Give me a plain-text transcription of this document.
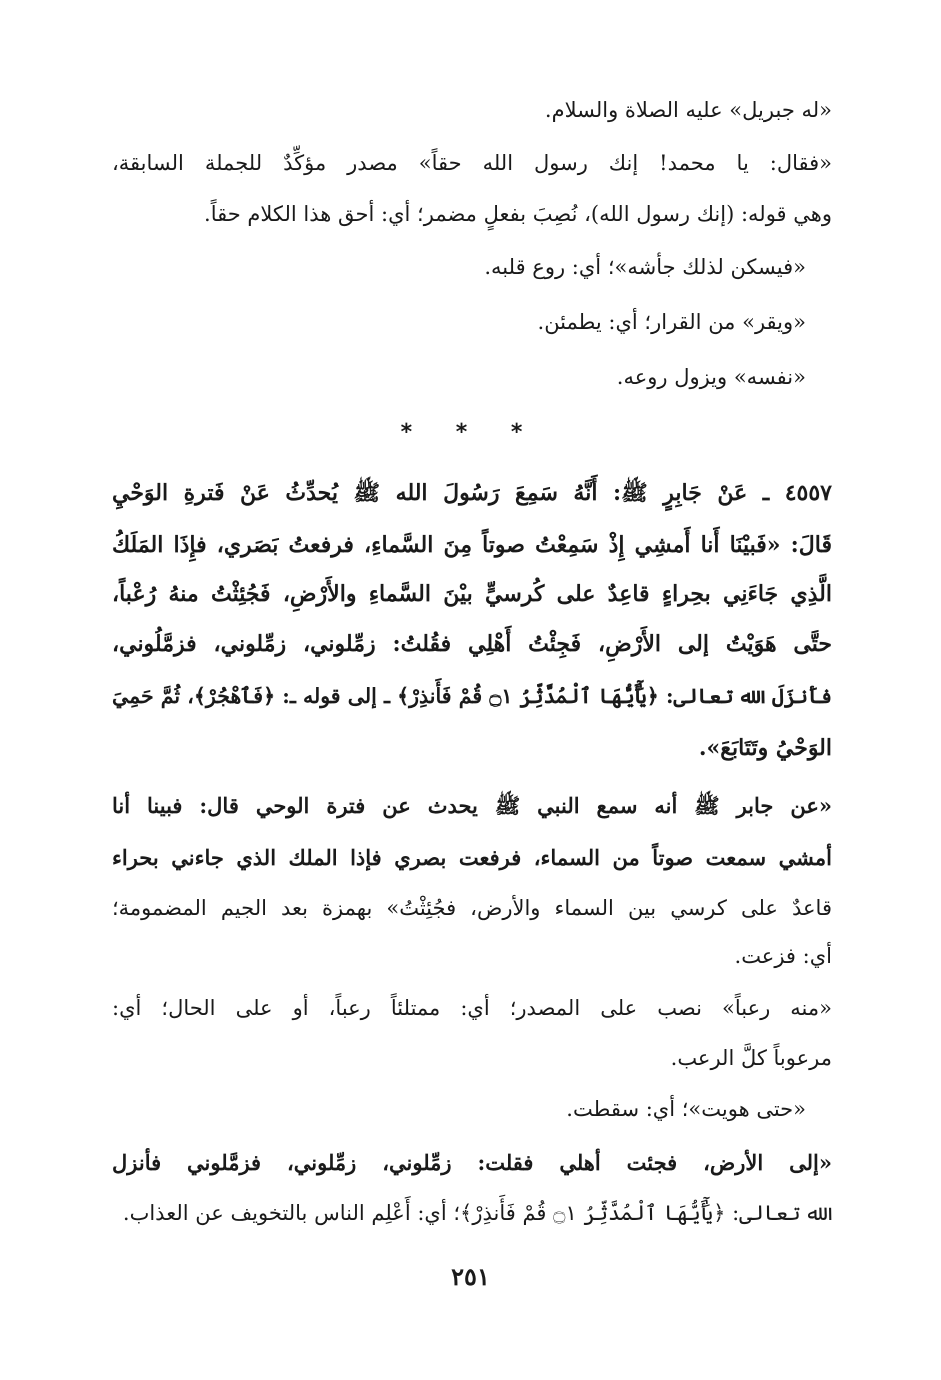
«له جبريل» عليه الصلاة والسلام.
«فقال: يا محمد! إنك رسول الله حقاً» مصدر مؤكِّدٌ للجملة السابقة،
وهي قوله: (إنك رسول الله)، نُصِبَ بفعلٍ مضمر؛ أي: أحق هذا الكلام حقاً.
«فيسكن لذلك جأشه»؛ أي: روع قلبه.
«ويقر» من القرار؛ أي: يطمئن.
«نفسه» ويزول روعه.
* * *
٤٥٥٧ ـ عَنْ جَابِرٍ ﷺ: أَنَّهُ سَمِعَ رَسُولَ الله ﷺ يُحدِّثُ عَنْ فَترةِ الوَحْيِ
قَالَ: «فَبيْنَا أَنا أَمشِي إِذْ سَمِعْتُ صوتاً مِنَ السَّماءِ، فرفعتُ بَصَري، فإِذَا المَلَكُ
الَّذِي جَاءَنِي بحِراءٍ قاعِدٌ على كُرسيٍّ بيْنَ السَّماءِ والأَرْضِ، فَجُئِثْتُ منهُ رُعْباً،
حتَّى هَوَيْتُ إلى الأَرْضِ، فَجِئْتُ أَهْلِي فقُلتُ: زمِّلوني، زمِّلوني، فزمَّلُوني،
فأَنزَلَ الله تعالى: ﴿يَٰٓأَيُّهَا ٱلْمُدَّثِّرُ ۝١ قُمْ فَأَنذِرْ﴾ ـ إلى قوله ـ: ﴿فَٱهْجُرْ﴾، ثُمَّ حَمِيَ
الوَحْيُ وتَتَابَعَ».
«عن جابر ﷺ أنه سمع النبي ﷺ يحدث عن فترة الوحي قال: فبينا أنا
أمشي سمعت صوتاً من السماء، فرفعت بصري فإذا الملك الذي جاءني بحراء
قاعدٌ على كرسي بين السماء والأرض، فجُئِثْتُ» بهمزة بعد الجيم المضمومة؛
أي: فزعت.
«منه رعباً» نصب على المصدر؛ أي: ممتلئاً رعباً، أو على الحال؛ أي:
مرعوباً كلَّ الرعب.
«حتى هويت»؛ أي: سقطت.
«إلى الأرض، فجئت أهلي فقلت: زمِّلوني، زمِّلوني، فزمَّلوني فأنزل
الله تعالى: ﴿يَٰٓأَيُّهَا ٱلْمُدَّثِّرُ ۝١ قُمْ فَأَنذِرْ﴾؛ أي: أَعْلِم الناس بالتخويف عن العذاب.
٢٥١
